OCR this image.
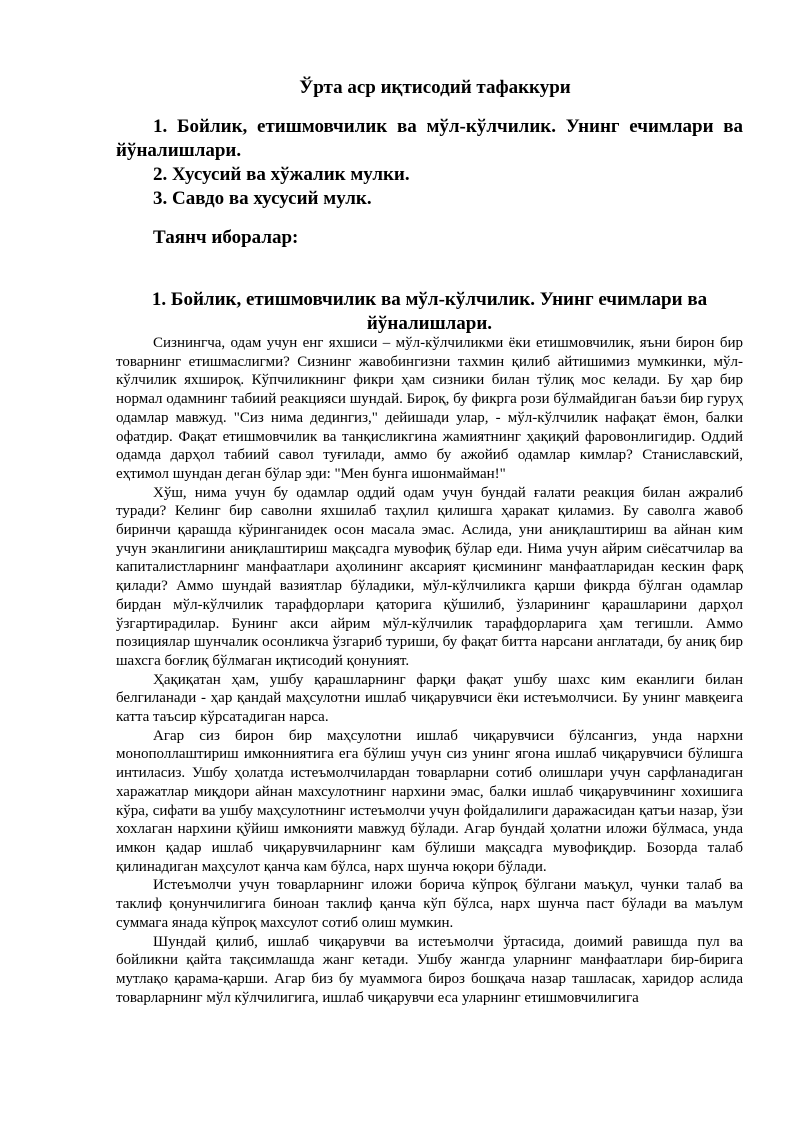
Ўрта аср иқтисодий тафаккури

1. Бойлик, етишмовчилик ва мўл-кўлчилик. Унинг ечимлари ва йўналишлари.

2. Хусусий ва хўжалик мулки.

3. Савдо ва хусусий мулк.

Таянч иборалар:
1. Бойлик, етишмовчилик ва мўл-кўлчилик. Унинг ечимлари ва йўналишлари.

Сизнингча, одам учун енг яхшиси – мўл-кўлчиликми ёки етишмовчилик, яъни бирон бир товарнинг етишмаслигми? Сизнинг жавобингизни тахмин қилиб айтишимиз мумкинки, мўл-кўлчилик яхшироқ. Кўпчиликнинг фикри ҳам сизники билан тўлиқ мос келади. Бу ҳар бир нормал одамнинг табиий реакцияси шундай. Бироқ, бу фикрга рози бўлмайдиган баъзи бир гуруҳ одамлар мавжуд. "Сиз нима дедингиз," дейишади улар, - мўл-кўлчилик нафақат ёмон, балки офатдир. Фақат етишмовчилик ва танқисликгина жамиятнинг ҳақиқий фаровонлигидир. Оддий одамда дарҳол табиий савол туғилади, аммо бу ажойиб одамлар кимлар? Станиславский, еҳтимол шундан деган бўлар эди: "Мен бунга ишонмайман!"

Хўш, нима учун бу одамлар оддий одам учун бундай ғалати реакция билан ажралиб туради? Келинг бир саволни яхшилаб таҳлил қилишга ҳаракат қиламиз. Бу саволга жавоб биринчи қарашда кўринганидек осон масала эмас. Аслида, уни аниқлаштириш ва айнан ким учун эканлигини аниқлаштириш мақсадга мувофиқ бўлар еди. Нима учун айрим сиёсатчилар ва капиталистларнинг манфаатлари аҳолининг аксарият қисмининг манфаатларидан кескин фарқ қилади? Аммо шундай вазиятлар бўладики, мўл-кўлчиликга қарши фикрда бўлган одамлар бирдан мўл-кўлчилик тарафдорлари қаторига қўшилиб, ўзларининг қарашларини дарҳол ўзгартирадилар. Бунинг акси айрим мўл-кўлчилик тарафдорларига ҳам тегишли. Аммо позициялар шунчалик осонликча ўзгариб туриши, бу фақат битта нарсани англатади, бу аниқ бир шахсга боғлиқ бўлмаган иқтисодий қонуният.

Ҳақиқатан ҳам, ушбу қарашларнинг фарқи фақат ушбу шахс ким еканлиги билан белгиланади - ҳар қандай маҳсулотни ишлаб чиқарувчиси ёки истеъмолчиси. Бу унинг мавқеига катта таъсир кўрсатадиган нарса.

Агар сиз бирон бир маҳсулотни ишлаб чиқарувчиси бўлсангиз, унда нархни монополлаштириш имконниятига ега бўлиш учун сиз унинг ягона ишлаб чиқарувчиси бўлишга интиласиз. Ушбу ҳолатда истеъмолчилардан товарларни сотиб олишлари учун сарфланадиган харажатлар миқдори айнан махсулотнинг нархини эмас, балки ишлаб чиқарувчининг хохишига кўра, сифати ва ушбу маҳсулотнинг истеъмолчи учун фойдалилиги даражасидан қатъи назар, ўзи хохлаган нархини қўйиш имконияти мавжуд бўлади. Агар бундай ҳолатни иложи бўлмаса, унда имкон қадар ишлаб чиқарувчиларнинг кам бўлиши мақсадга мувофиқдир. Бозорда талаб қилинадиган маҳсулот қанча кам бўлса, нарх шунча юқори бўлади.

Истеъмолчи учун товарларнинг иложи борича кўпроқ бўлгани маъқул, чунки талаб ва таклиф қонунчилигига биноан таклиф қанча кўп бўлса, нарх шунча паст бўлади ва маълум суммага янада кўпроқ махсулот сотиб олиш мумкин.

Шундай қилиб, ишлаб чиқарувчи ва истеъмолчи ўртасида, доимий равишда пул ва бойликни қайта тақсимлашда жанг кетади. Ушбу жангда уларнинг манфаатлари бир-бирига мутлақо қарама-қарши. Агар биз бу муаммога бироз бошқача назар ташласак, харидор аслида товарларнинг мўл кўлчилигига, ишлаб чиқарувчи еса уларнинг етишмовчилигига
